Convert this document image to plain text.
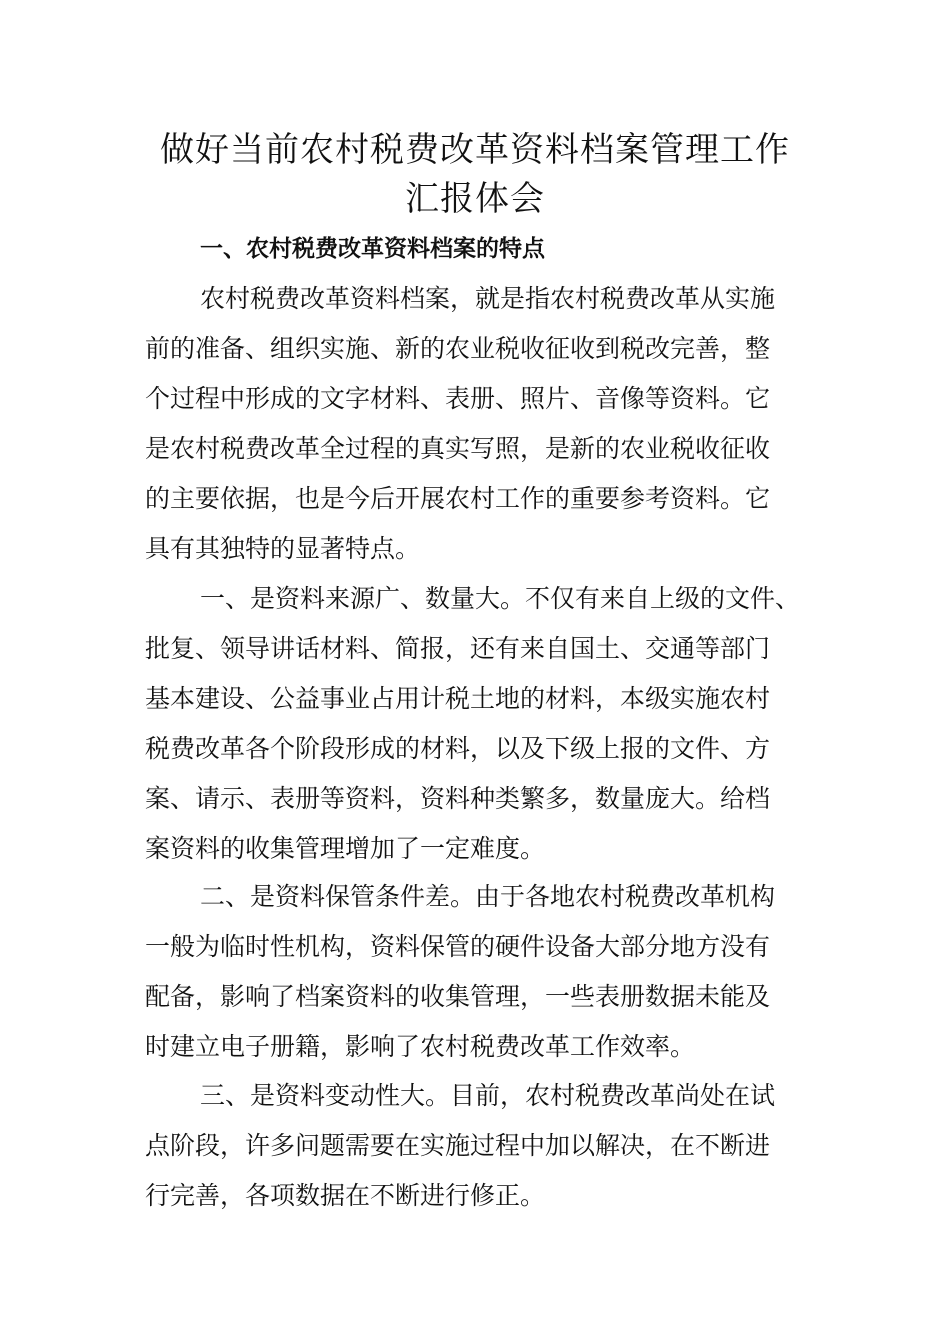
做好当前农村税费改革资料档案管理工作
汇报体会
一、农村税费改革资料档案的特点
农村税费改革资料档案，就是指农村税费改革从实施
前的准备、组织实施、新的农业税收征收到税改完善，整
个过程中形成的文字材料、表册、照片、音像等资料。它
是农村税费改革全过程的真实写照，是新的农业税收征收
的主要依据，也是今后开展农村工作的重要参考资料。它
具有其独特的显著特点。
一、是资料来源广、数量大。不仅有来自上级的文件、
批复、领导讲话材料、简报，还有来自国土、交通等部门
基本建设、公益事业占用计税土地的材料，本级实施农村
税费改革各个阶段形成的材料，以及下级上报的文件、方
案、请示、表册等资料，资料种类繁多，数量庞大。给档
案资料的收集管理增加了一定难度。
二、是资料保管条件差。由于各地农村税费改革机构
一般为临时性机构，资料保管的硬件设备大部分地方没有
配备，影响了档案资料的收集管理，一些表册数据未能及
时建立电子册籍，影响了农村税费改革工作效率。
三、是资料变动性大。目前，农村税费改革尚处在试
点阶段，许多问题需要在实施过程中加以解决，在不断进
行完善，各项数据在不断进行修正。
